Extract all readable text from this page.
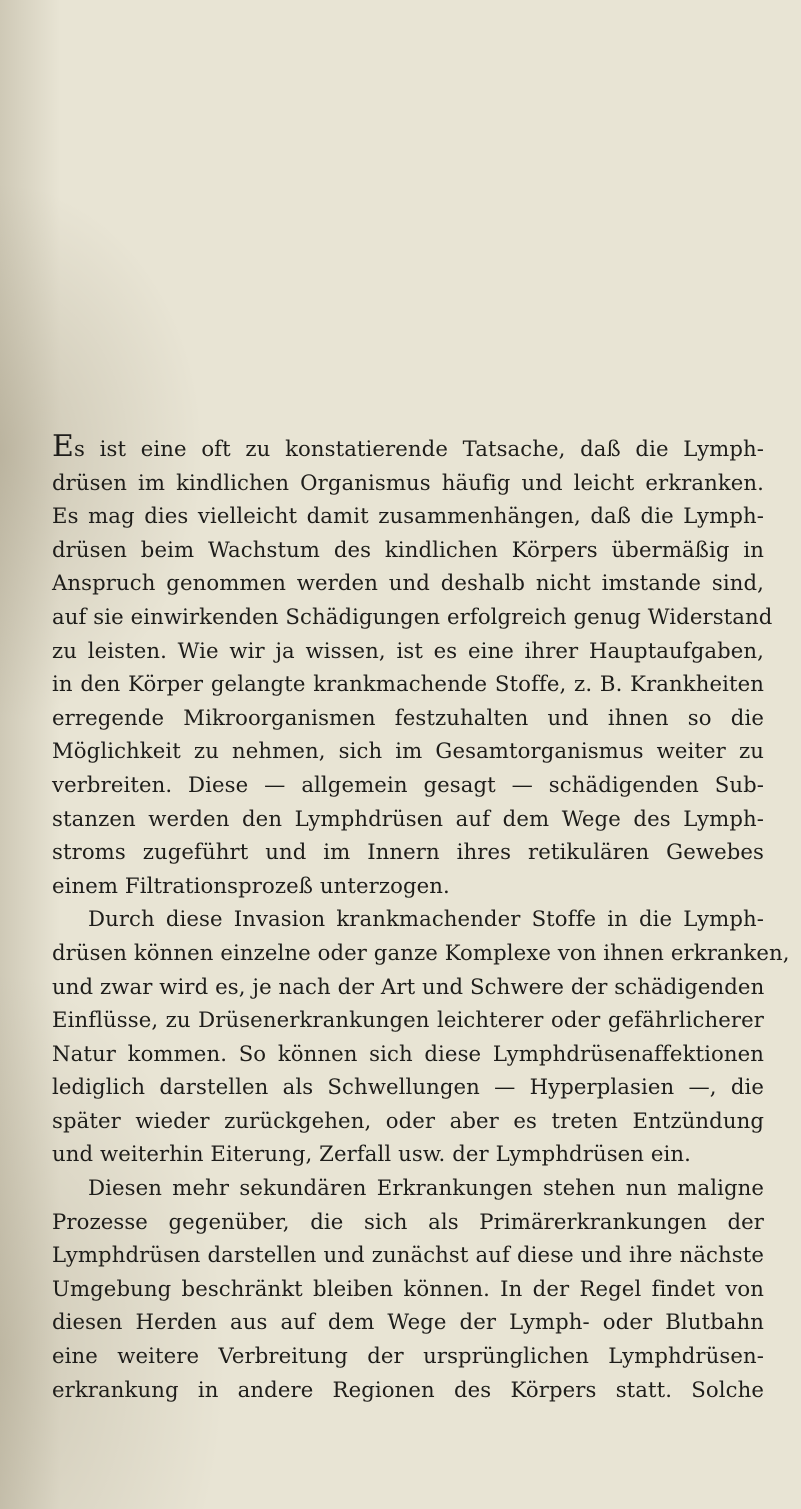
Es ist eine oft zu konstatierende Tatsache, daß die Lymph-
drüsen im kindlichen Organismus häufig und leicht erkranken.
Es mag dies vielleicht damit zusammenhängen, daß die Lymph-
drüsen beim Wachstum des kindlichen Körpers übermäßig in
Anspruch genommen werden und deshalb nicht imstande sind,
auf sie einwirkenden Schädigungen erfolgreich genug Widerstand
zu leisten. Wie wir ja wissen, ist es eine ihrer Hauptaufgaben,
in den Körper gelangte krankmachende Stoffe, z. B. Krankheiten
erregende Mikroorganismen festzuhalten und ihnen so die
Möglichkeit zu nehmen, sich im Gesamtorganismus weiter zu
verbreiten. Diese — allgemein gesagt — schädigenden Sub-
stanzen werden den Lymphdrüsen auf dem Wege des Lymph-
stroms zugeführt und im Innern ihres retikulären Gewebes
einem Filtrationsprozeß unterzogen.
Durch diese Invasion krankmachender Stoffe in die Lymph-
drüsen können einzelne oder ganze Komplexe von ihnen erkranken,
und zwar wird es, je nach der Art und Schwere der schädigenden
Einflüsse, zu Drüsenerkrankungen leichterer oder gefährlicherer
Natur kommen. So können sich diese Lymphdrüsenaffektionen
lediglich darstellen als Schwellungen — Hyperplasien —, die
später wieder zurückgehen, oder aber es treten Entzündung
und weiterhin Eiterung, Zerfall usw. der Lymphdrüsen ein.
Diesen mehr sekundären Erkrankungen stehen nun maligne
Prozesse gegenüber, die sich als Primärerkrankungen der
Lymphdrüsen darstellen und zunächst auf diese und ihre nächste
Umgebung beschränkt bleiben können. In der Regel findet von
diesen Herden aus auf dem Wege der Lymph- oder Blutbahn
eine weitere Verbreitung der ursprünglichen Lymphdrüsen-
erkrankung in andere Regionen des Körpers statt. Solche
